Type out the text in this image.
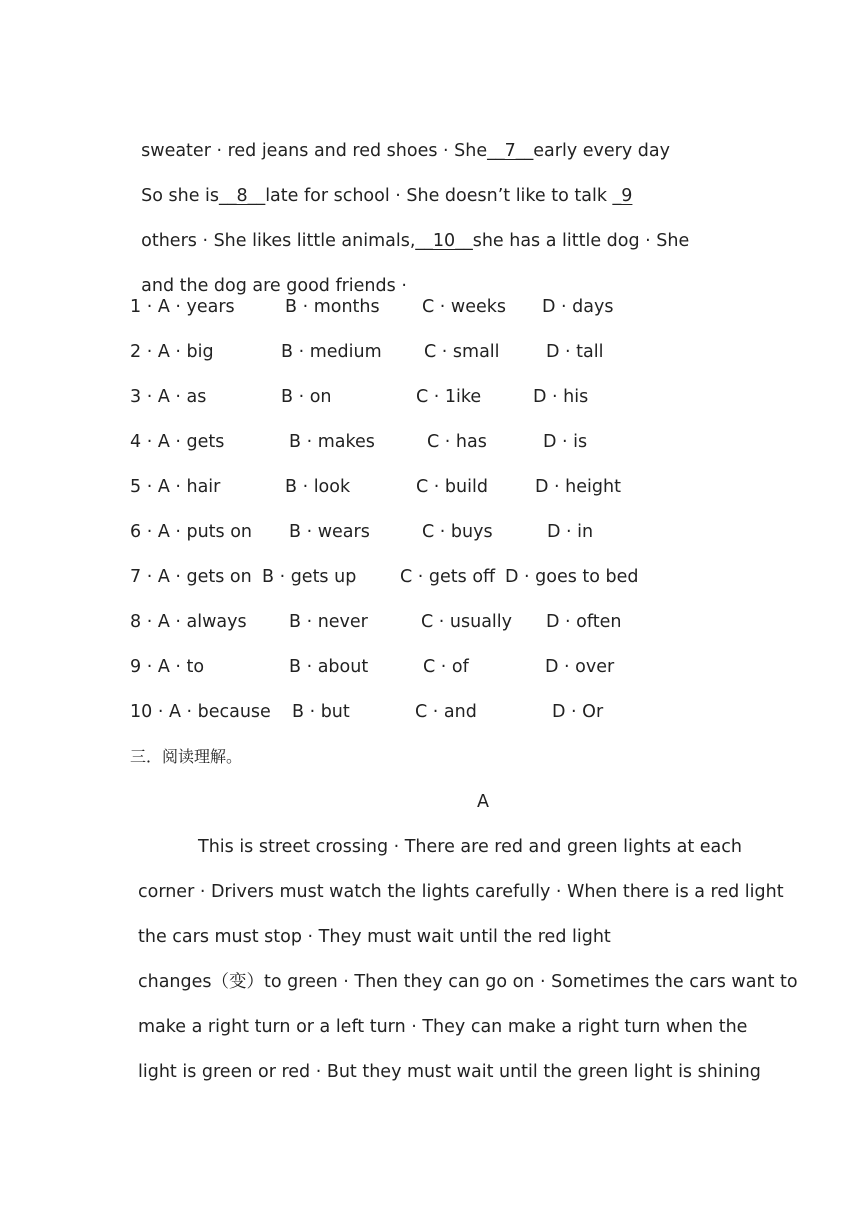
sweater · red jeans and red shoes · She__7__early every day

So she is__8__late for school · She doesn’t like to talk _9

others · She likes little animals,__10__she has a little dog · She

and the dog are good friends ·

1 · A · years	B · months C · weeks D · days
2 · A · big	B · medium C · small	D · tall
3 · A · as	B · on	C · 1ike	D · his
4 · A · gets	B · makes	C · has	D · is
5 · A · hair	B · look	C · build	D · height
6 · A · puts on B · wears	C · buys	D · in
7 · A · gets on B · gets up C · gets off D · goes to bed
8 · A · always B · never	C · usually D · often
9 · A · to	B · about	C · of	D · over
10 · A · because B · but	C · and	D · Or
三．阅读理解。
A
This is street crossing · There are red and green lights at each
corner · Drivers must watch the lights carefully · When there is a red light
the cars must stop · They must wait until the red light
changes（变）to green · Then they can go on · Sometimes the cars want to
make a right turn or a left turn · They can make a right turn when the
light is green or red · But they must wait until the green light is shining
